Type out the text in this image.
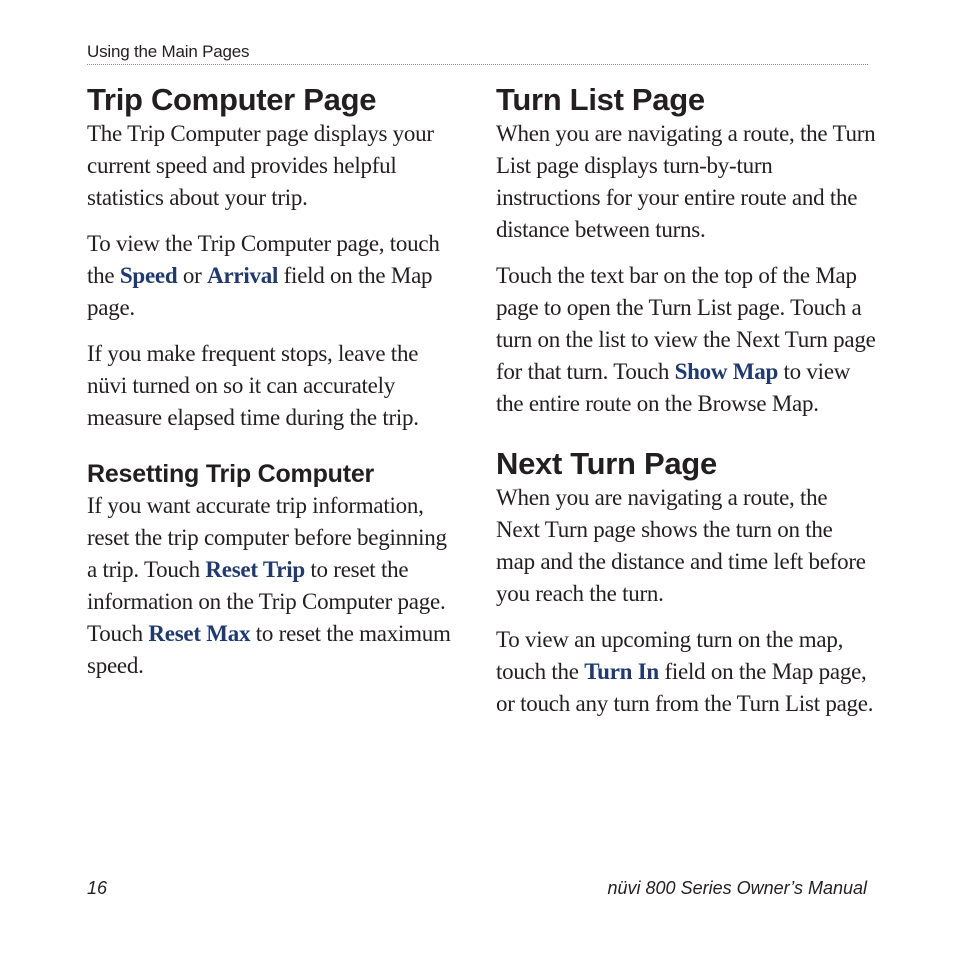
Using the Main Pages
Trip Computer Page

The Trip Computer page displays your current speed and provides helpful statistics about your trip.

To view the Trip Computer page, touch the Speed or Arrival field on the Map page.

If you make frequent stops, leave the nüvi turned on so it can accurately measure elapsed time during the trip.

Resetting Trip Computer

If you want accurate trip information, reset the trip computer before beginning a trip. Touch Reset Trip to reset the information on the Trip Computer page. Touch Reset Max to reset the maximum speed.

Turn List Page

When you are navigating a route, the Turn List page displays turn-by-turn instructions for your entire route and the distance between turns.

Touch the text bar on the top of the Map page to open the Turn List page. Touch a turn on the list to view the Next Turn page for that turn. Touch Show Map to view the entire route on the Browse Map.

Next Turn Page

When you are navigating a route, the Next Turn page shows the turn on the map and the distance and time left before you reach the turn.

To view an upcoming turn on the map, touch the Turn In field on the Map page, or touch any turn from the Turn List page.

16	nüvi 800 Series Owner’s Manual
